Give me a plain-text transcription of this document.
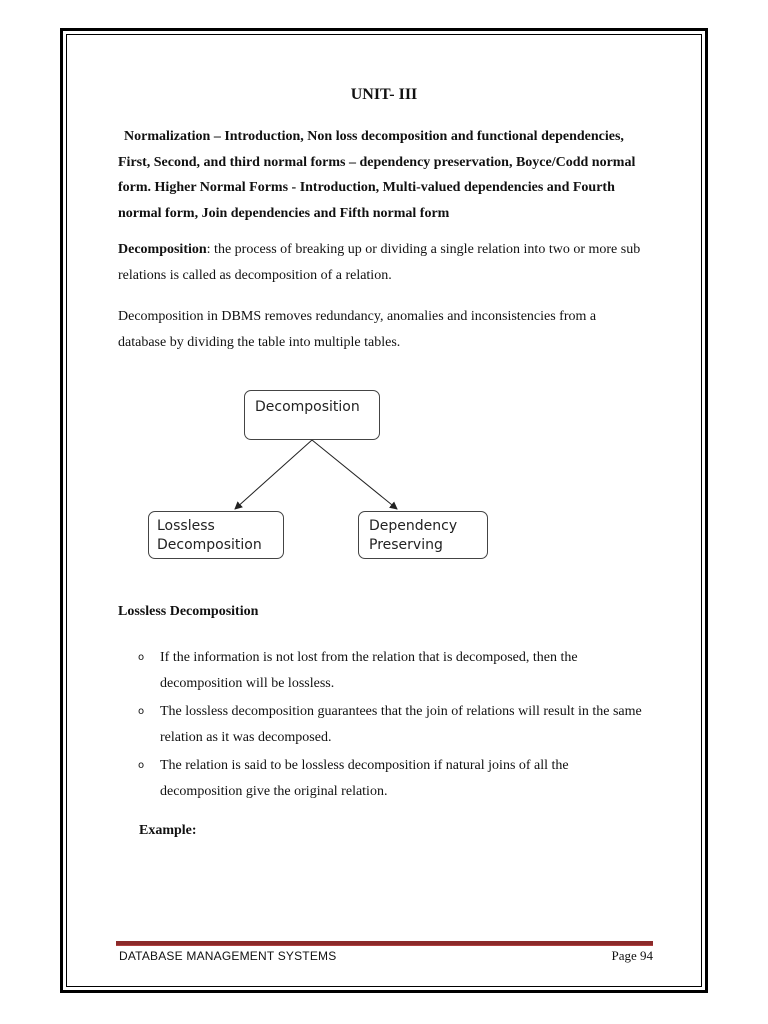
UNIT- III
Normalization – Introduction, Non loss decomposition and functional dependencies,
First, Second, and third normal forms – dependency preservation, Boyce/Codd normal
form. Higher Normal Forms - Introduction, Multi-valued dependencies and Fourth
normal form, Join dependencies and Fifth normal form
Decomposition: the process of breaking up or dividing a single relation into two or more sub
relations is called as decomposition of a relation.
Decomposition in DBMS removes redundancy, anomalies and inconsistencies from a
database by dividing the table into multiple tables.
Decomposition
Lossless
Decomposition
Dependency
Preserving
Lossless Decomposition
o If the information is not lost from the relation that is decomposed, then the
decomposition will be lossless.
o The lossless decomposition guarantees that the join of relations will result in the same
relation as it was decomposed.
o The relation is said to be lossless decomposition if natural joins of all the
decomposition give the original relation.
Example:
DATABASE MANAGEMENT SYSTEMS	Page 94
